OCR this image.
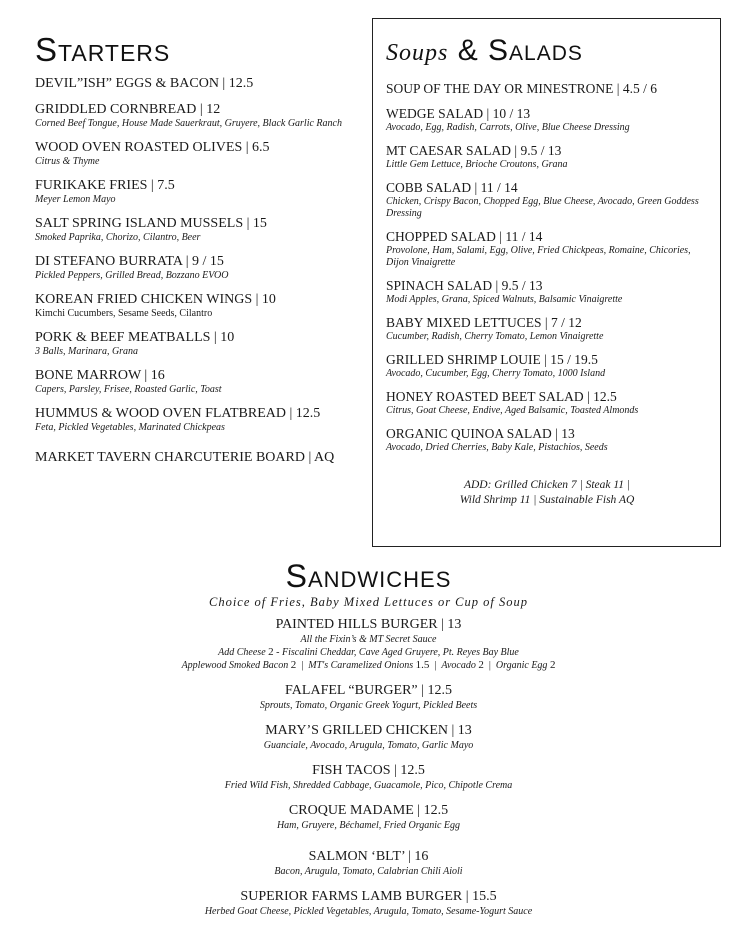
Starters
DEVIL”ISH” EGGS & BACON | 12.5
GRIDDLED CORNBREAD | 12
Corned Beef Tongue, House Made Sauerkraut, Gruyere, Black Garlic Ranch
WOOD OVEN ROASTED OLIVES | 6.5
Citrus & Thyme
FURIKAKE FRIES | 7.5
Meyer Lemon Mayo
SALT SPRING ISLAND MUSSELS | 15
Smoked Paprika, Chorizo, Cilantro, Beer
DI STEFANO BURRATA | 9 / 15
Pickled Peppers, Grilled Bread, Bozzano EVOO
KOREAN FRIED CHICKEN WINGS | 10
Kimchi Cucumbers, Sesame Seeds, Cilantro
PORK & BEEF MEATBALLS | 10
3 Balls, Marinara, Grana
BONE MARROW | 16
Capers, Parsley, Frisee, Roasted Garlic, Toast
HUMMUS & WOOD OVEN FLATBREAD | 12.5
Feta, Pickled Vegetables, Marinated Chickpeas
MARKET TAVERN CHARCUTERIE BOARD | AQ
Soups & Salads
SOUP OF THE DAY OR MINESTRONE | 4.5 / 6
WEDGE SALAD | 10 / 13
Avocado, Egg, Radish, Carrots, Olive, Blue Cheese Dressing
MT CAESAR SALAD | 9.5 / 13
Little Gem Lettuce, Brioche Croutons, Grana
COBB SALAD | 11 / 14
Chicken, Crispy Bacon, Chopped Egg, Blue Cheese, Avocado, Green Goddess Dressing
CHOPPED SALAD | 11 / 14
Provolone, Ham, Salami, Egg, Olive, Fried Chickpeas, Romaine, Chicories, Dijon Vinaigrette
SPINACH SALAD | 9.5 / 13
Modi Apples, Grana, Spiced Walnuts, Balsamic Vinaigrette
BABY MIXED LETTUCES | 7 / 12
Cucumber, Radish, Cherry Tomato, Lemon Vinaigrette
GRILLED SHRIMP LOUIE | 15 / 19.5
Avocado, Cucumber, Egg, Cherry Tomato, 1000 Island
HONEY ROASTED BEET SALAD | 12.5
Citrus, Goat Cheese, Endive, Aged Balsamic, Toasted Almonds
ORGANIC QUINOA SALAD | 13
Avocado, Dried Cherries, Baby Kale, Pistachios, Seeds
ADD: Grilled Chicken 7 | Steak 11 |
Wild Shrimp 11 | Sustainable Fish AQ
Sandwiches
Choice of Fries, Baby Mixed Lettuces or Cup of Soup
PAINTED HILLS BURGER | 13
All the Fixin’s & MT Secret Sauce
Add Cheese 2 - Fiscalini Cheddar, Cave Aged Gruyere, Pt. Reyes Bay Blue
Applewood Smoked Bacon 2  |  MT's Caramelized Onions 1.5  |  Avocado 2  |  Organic Egg 2
FALAFEL “BURGER” | 12.5
Sprouts, Tomato, Organic Greek Yogurt, Pickled Beets
MARY’S GRILLED CHICKEN | 13
Guanciale, Avocado, Arugula, Tomato, Garlic Mayo
FISH TACOS | 12.5
Fried Wild Fish, Shredded Cabbage, Guacamole, Pico, Chipotle Crema
CROQUE MADAME | 12.5
Ham, Gruyere, Béchamel, Fried Organic Egg
SALMON ‘BLT’ | 16
Bacon, Arugula, Tomato, Calabrian Chili Aioli
SUPERIOR FARMS LAMB BURGER | 15.5
Herbed Goat Cheese, Pickled Vegetables, Arugula, Tomato, Sesame-Yogurt Sauce
